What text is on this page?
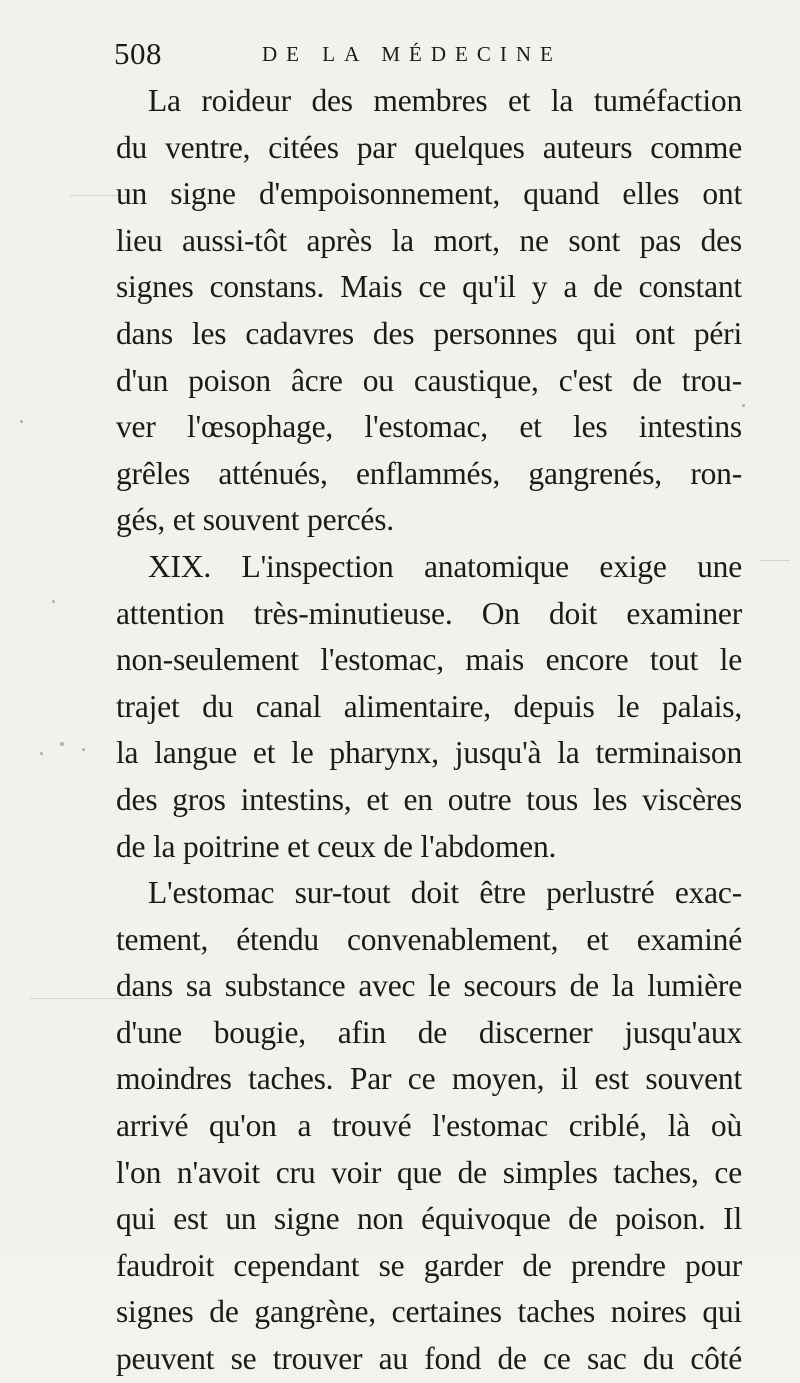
508	DE LA MÉDECINE
La roideur des membres et la tuméfaction
du ventre, citées par quelques auteurs comme
un signe d'empoisonnement, quand elles ont
lieu aussi-tôt après la mort, ne sont pas des
signes constans. Mais ce qu'il y a de constant
dans les cadavres des personnes qui ont péri
d'un poison âcre ou caustique, c'est de trou-
ver l'œsophage, l'estomac, et les intestins
grêles atténués, enflammés, gangrenés, ron-
gés, et souvent percés.
XIX. L'inspection anatomique exige une
attention très-minutieuse. On doit examiner
non-seulement l'estomac, mais encore tout le
trajet du canal alimentaire, depuis le palais,
la langue et le pharynx, jusqu'à la terminaison
des gros intestins, et en outre tous les viscères
de la poitrine et ceux de l'abdomen.
L'estomac sur-tout doit être perlustré exac-
tement, étendu convenablement, et examiné
dans sa substance avec le secours de la lumière
d'une bougie, afin de discerner jusqu'aux
moindres taches. Par ce moyen, il est souvent
arrivé qu'on a trouvé l'estomac criblé, là où
l'on n'avoit cru voir que de simples taches, ce
qui est un signe non équivoque de poison. Il
faudroit cependant se garder de prendre pour
signes de gangrène, certaines taches noires qui
peuvent se trouver au fond de ce sac du côté
